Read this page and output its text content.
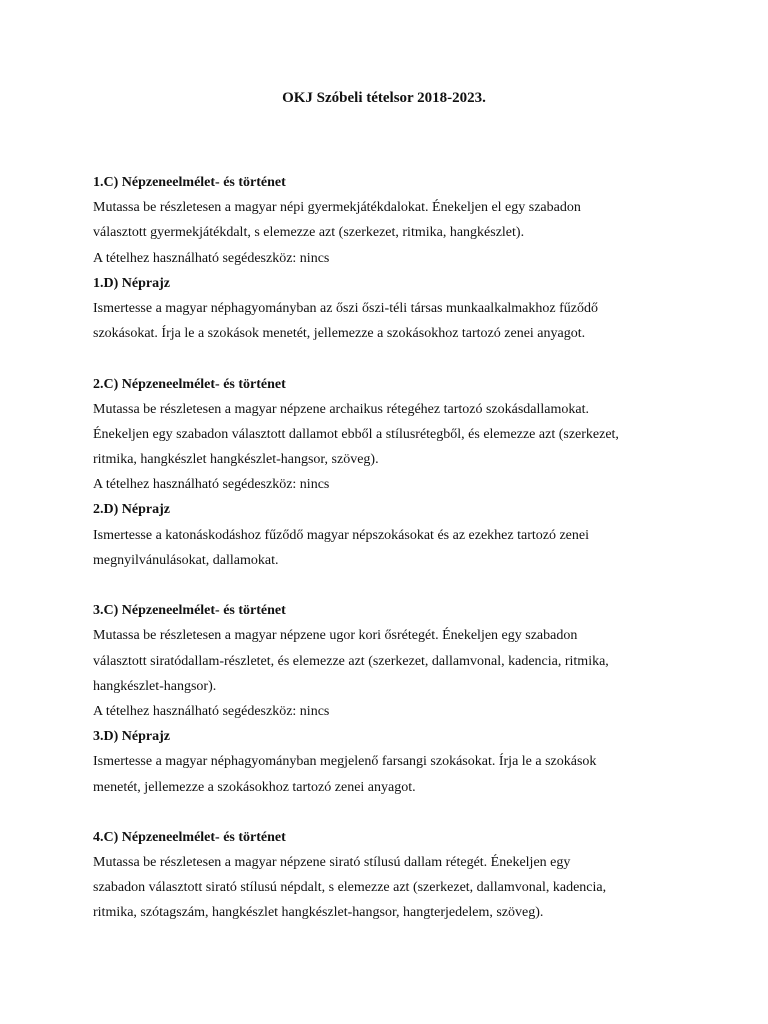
OKJ Szóbeli tételsor 2018-2023.
1.C) Népzeneelmélet- és történet
Mutassa be részletesen a magyar népi gyermekjátékdalokat. Énekeljen el egy szabadon
választott gyermekjátékdalt, s elemezze azt (szerkezet, ritmika, hangkészlet).
A tételhez használható segédeszköz: nincs
1.D) Néprajz
Ismertesse a magyar néphagyományban az őszi őszi-téli társas munkaalkalmakhoz fűződő
szokásokat. Írja le a szokások menetét, jellemezze a szokásokhoz tartozó zenei anyagot.
2.C) Népzeneelmélet- és történet
Mutassa be részletesen a magyar népzene archaikus rétegéhez tartozó szokásdallamokat.
Énekeljen egy szabadon választott dallamot ebből a stílusrétegből, és elemezze azt (szerkezet,
ritmika, hangkészlet hangkészlet-hangsor, szöveg).
A tételhez használható segédeszköz: nincs
2.D) Néprajz
Ismertesse a katonáskodáshoz fűződő magyar népszokásokat és az ezekhez tartozó zenei
megnyilvánulásokat, dallamokat.
3.C) Népzeneelmélet- és történet
Mutassa be részletesen a magyar népzene ugor kori ősrétegét. Énekeljen egy szabadon
választott siratódallam-részletet, és elemezze azt (szerkezet, dallamvonal, kadencia, ritmika,
hangkészlet-hangsor).
A tételhez használható segédeszköz: nincs
3.D) Néprajz
Ismertesse a magyar néphagyományban megjelenő farsangi szokásokat. Írja le a szokások
menetét, jellemezze a szokásokhoz tartozó zenei anyagot.
4.C) Népzeneelmélet- és történet
Mutassa be részletesen a magyar népzene sirató stílusú dallam rétegét. Énekeljen egy
szabadon választott sirató stílusú népdalt, s elemezze azt (szerkezet, dallamvonal, kadencia,
ritmika, szótagszám, hangkészlet hangkészlet-hangsor, hangterjedelem, szöveg).
